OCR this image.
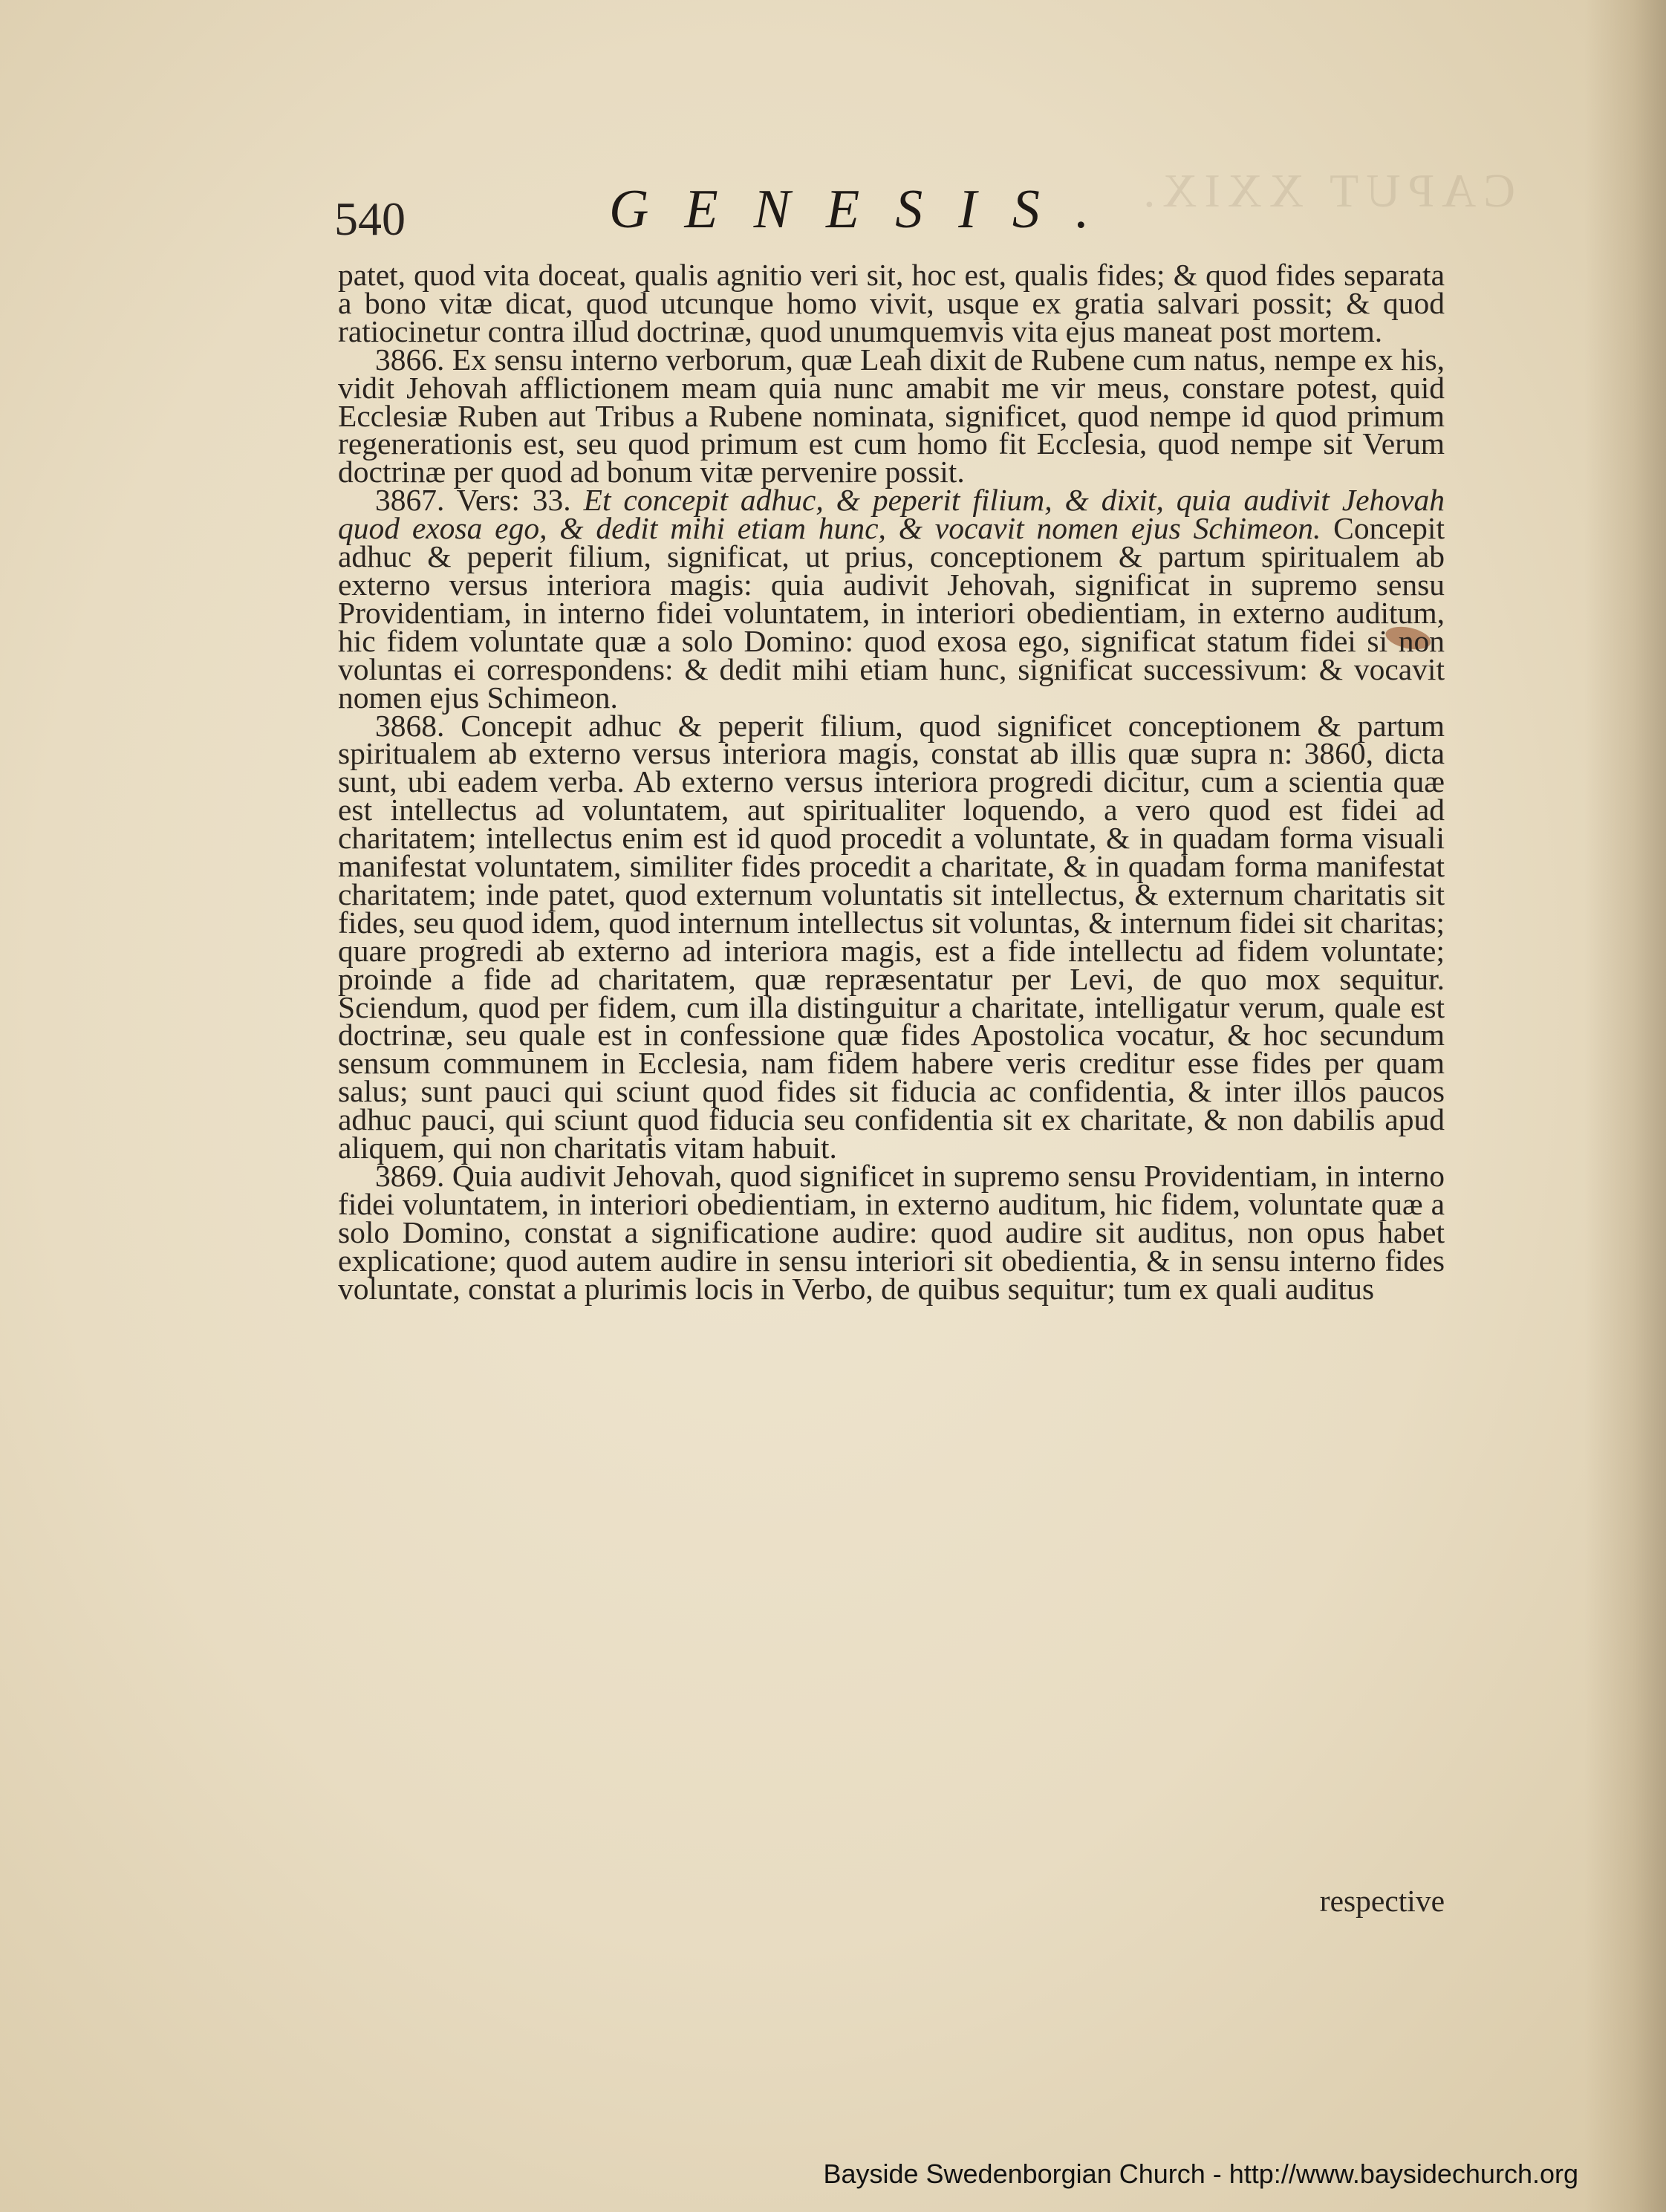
CAPUT XXIX.
540	GENESIS.

patet, quod vita doceat, qualis agnitio veri sit, hoc est, qualis fides; & quod fides separata a bono vitæ dicat, quod utcunque homo vivit, usque ex gratia salvari possit; & quod ratiocinetur contra illud doctrinæ, quod unumquemvis vita ejus maneat post mortem.

3866. Ex sensu interno verborum, quæ Leah dixit de Rubene cum natus, nempe ex his, vidit Jehovah afflictionem meam quia nunc amabit me vir meus, constare potest, quid Ecclesiæ Ruben aut Tribus a Rubene nominata, significet, quod nempe id quod primum regenerationis est, seu quod primum est cum homo fit Ecclesia, quod nempe sit Verum doctrinæ per quod ad bonum vitæ pervenire possit.

3867. Vers: 33. Et concepit adhuc, & peperit filium, & dixit, quia audivit Jehovah quod exosa ego, & dedit mihi etiam hunc, & vocavit nomen ejus Schimeon. Concepit adhuc & peperit filium, significat, ut prius, conceptionem & partum spiritualem ab externo versus interiora magis: quia audivit Jehovah, significat in supremo sensu Providentiam, in interno fidei voluntatem, in interiori obedientiam, in externo auditum, hic fidem voluntate quæ a solo Domino: quod exosa ego, significat statum fidei si non voluntas ei correspondens: & dedit mihi etiam hunc, significat successivum: & vocavit nomen ejus Schimeon.

3868. Concepit adhuc & peperit filium, quod significet conceptionem & partum spiritualem ab externo versus interiora magis, constat ab illis quæ supra n: 3860, dicta sunt, ubi eadem verba. Ab externo versus interiora progredi dicitur, cum a scientia quæ est intellectus ad voluntatem, aut spiritualiter loquendo, a vero quod est fidei ad charitatem; intellectus enim est id quod procedit a voluntate, & in quadam forma visuali manifestat voluntatem, similiter fides procedit a charitate, & in quadam forma manifestat charitatem; inde patet, quod externum voluntatis sit intellectus, & externum charitatis sit fides, seu quod idem, quod internum intellectus sit voluntas, & internum fidei sit charitas; quare progredi ab externo ad interiora magis, est a fide intellectu ad fidem voluntate; proinde a fide ad charitatem, quæ repræsentatur per Levi, de quo mox sequitur. Sciendum, quod per fidem, cum illa distinguitur a charitate, intelligatur verum, quale est doctrinæ, seu quale est in confessione quæ fides Apostolica vocatur, & hoc secundum sensum communem in Ecclesia, nam fidem habere veris creditur esse fides per quam salus; sunt pauci qui sciunt quod fides sit fiducia ac confidentia, & inter illos paucos adhuc pauci, qui sciunt quod fiducia seu confidentia sit ex charitate, & non dabilis apud aliquem, qui non charitatis vitam habuit.

3869. Quia audivit Jehovah, quod significet in supremo sensu Providentiam, in interno fidei voluntatem, in interiori obedientiam, in externo auditum, hic fidem, voluntate quæ a solo Domino, constat a significatione audire: quod audire sit auditus, non opus habet explicatione; quod autem audire in sensu interiori sit obedientia, & in sensu interno fides voluntate, constat a plurimis locis in Verbo, de quibus sequitur; tum ex quali auditus

respective
Bayside Swedenborgian Church - http://www.baysidechurch.org
